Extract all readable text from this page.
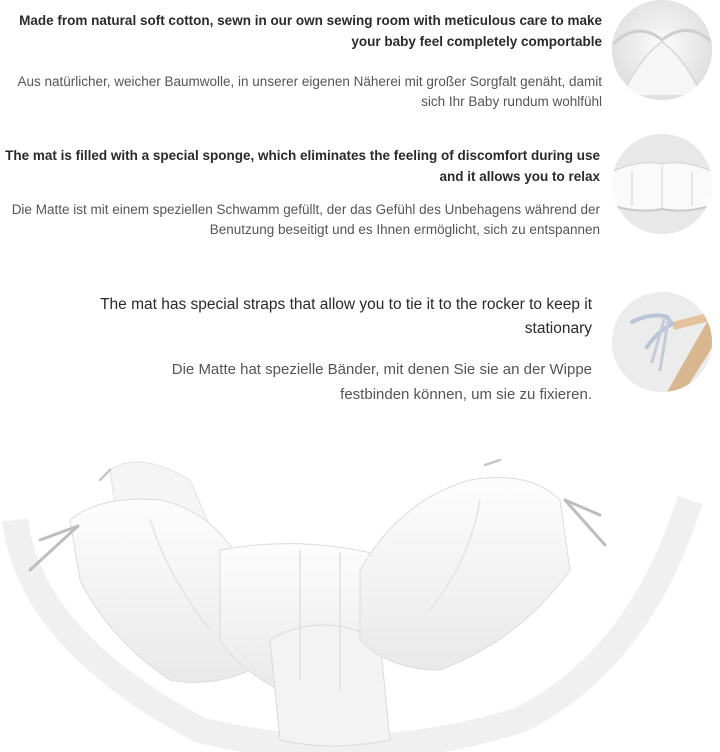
Made from natural soft cotton, sewn in our own sewing room with meticulous care to make your baby feel completely comportable

Aus natürlicher, weicher Baumwolle, in unserer eigenen Näherei mit großer Sorgfalt genäht, damit sich Ihr Baby rundum wohlfühl

The mat is filled with a special sponge, which eliminates the feeling of discomfort during use and it allows you to relax

Die Matte ist mit einem speziellen Schwamm gefüllt, der das Gefühl des Unbehagens während der Benutzung beseitigt und es Ihnen ermöglicht, sich zu entspannen

The mat has special straps that allow you to tie it to the rocker to keep it stationary

Die Matte hat spezielle Bänder, mit denen Sie sie an der Wippe festbinden können, um sie zu fixieren.
